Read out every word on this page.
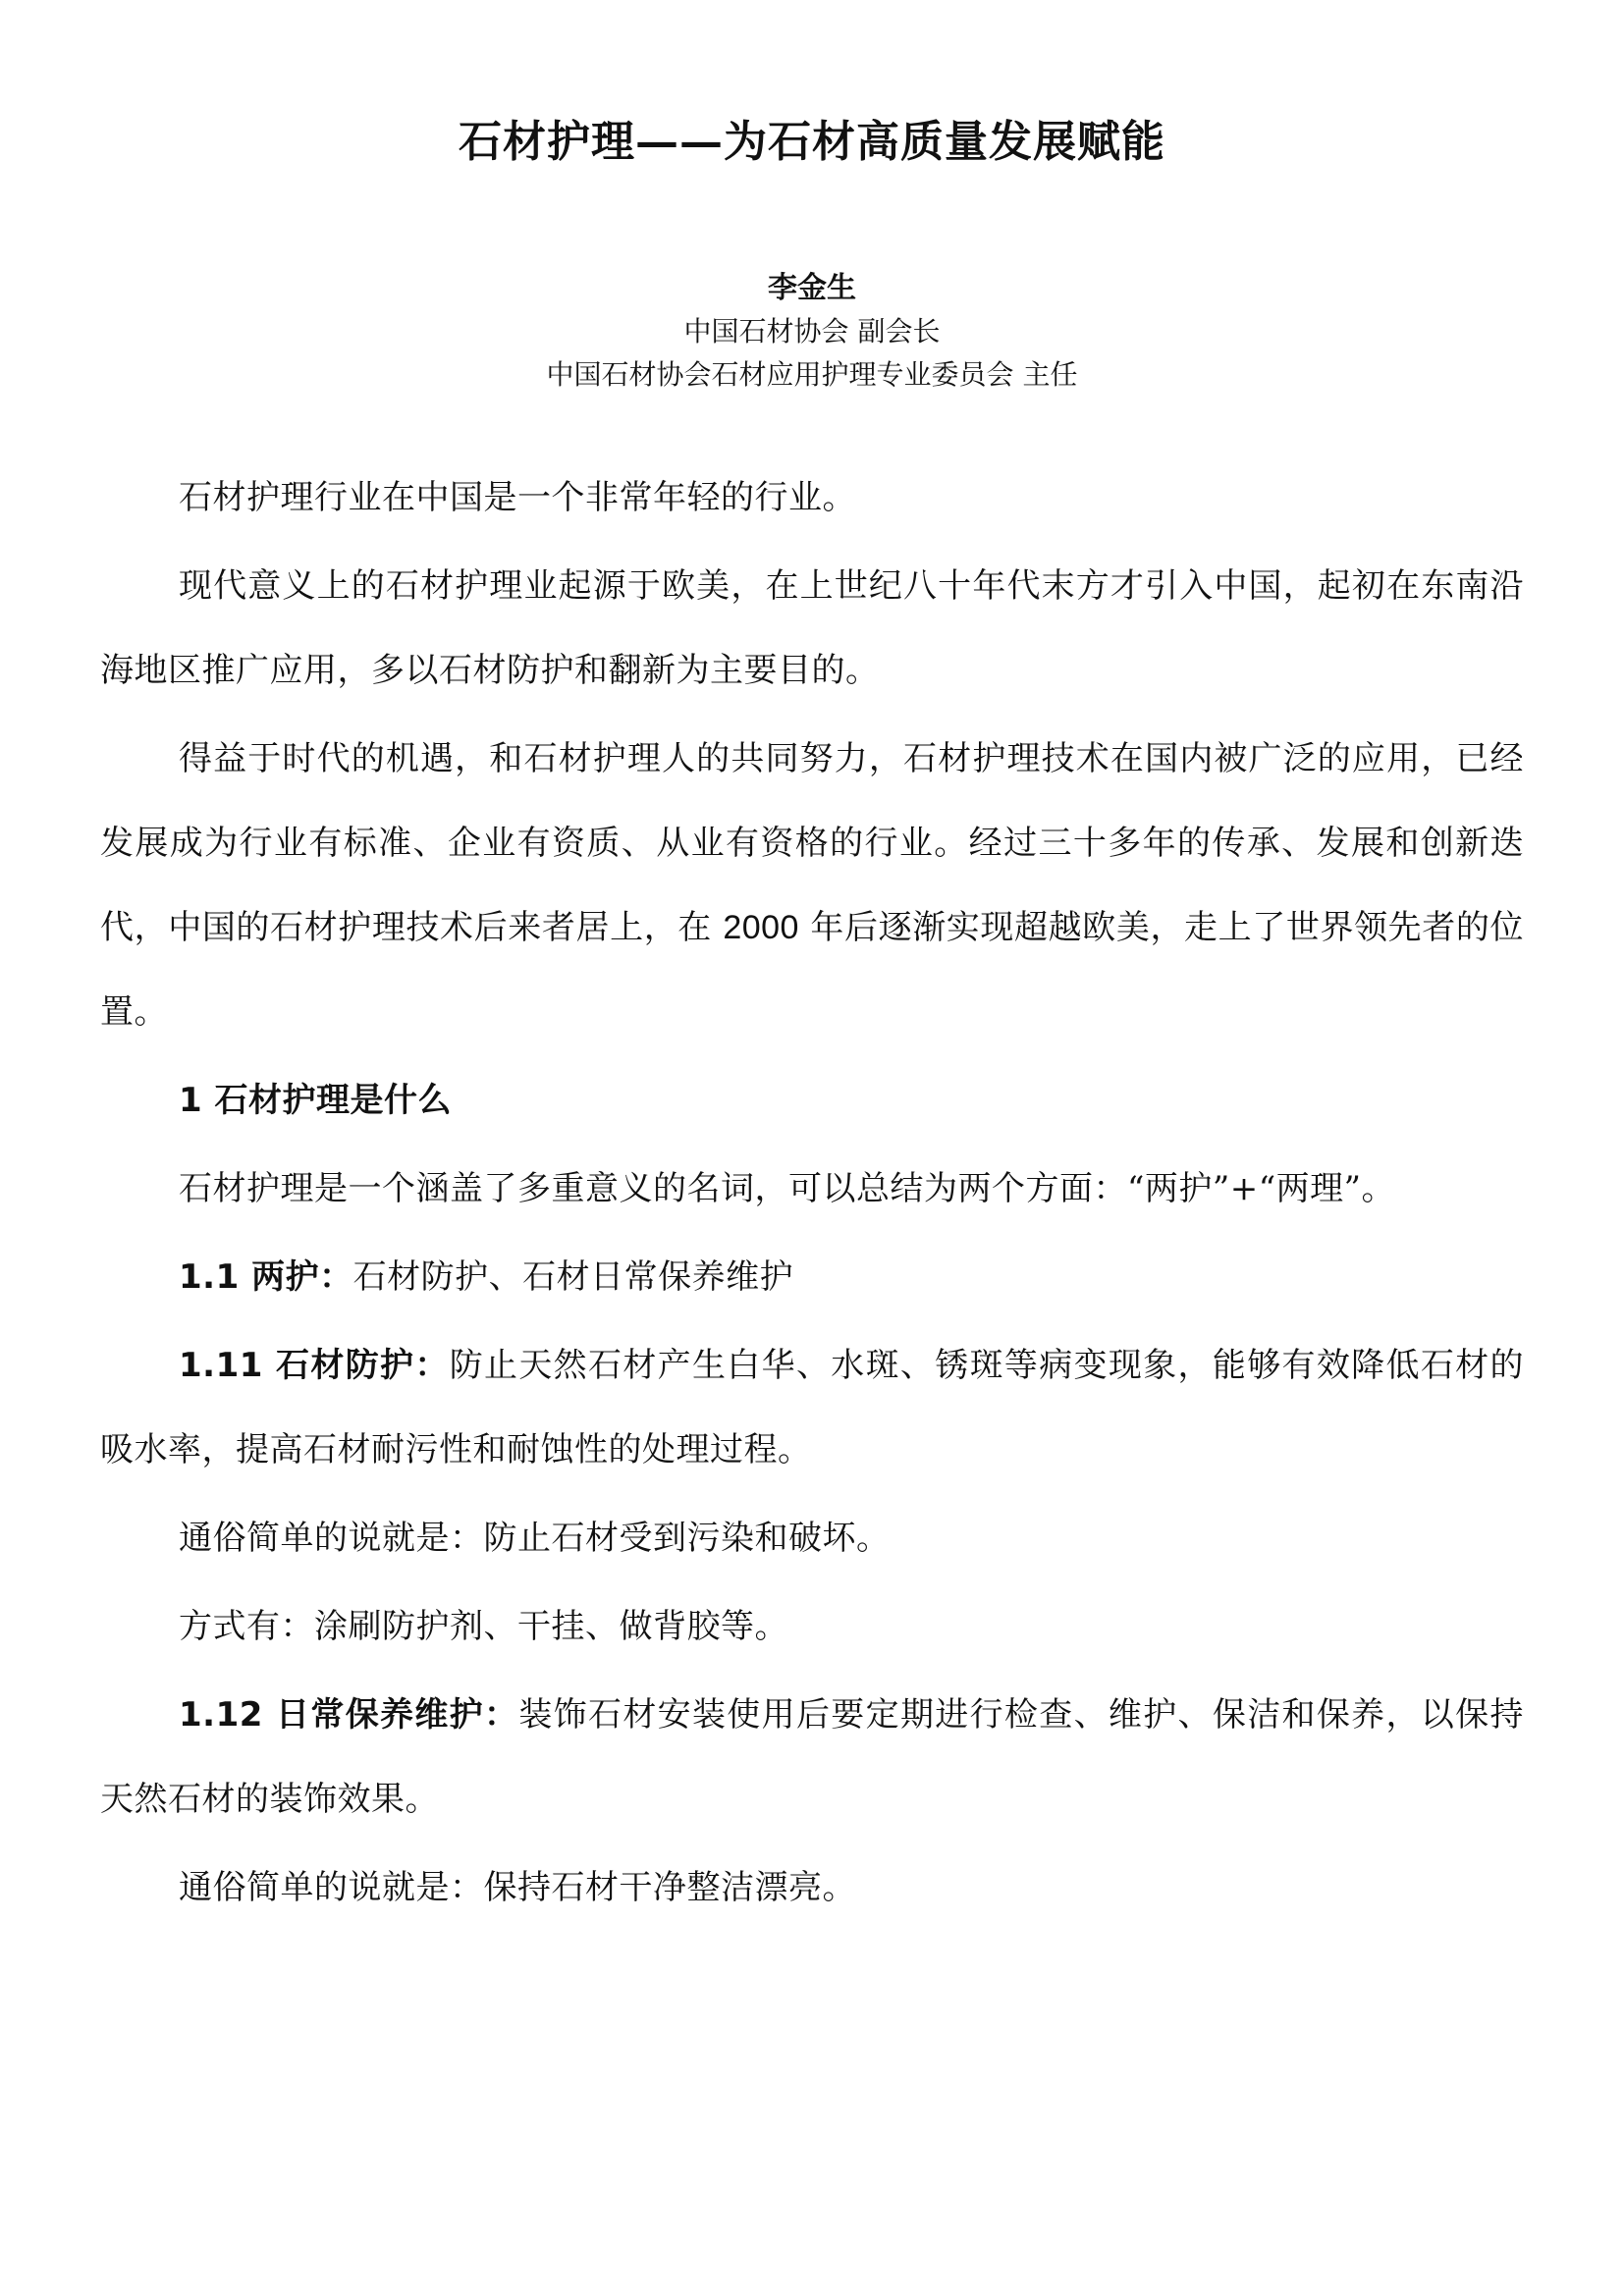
石材护理——为石材高质量发展赋能
李金生
中国石材协会 副会长
中国石材协会石材应用护理专业委员会 主任

石材护理行业在中国是一个非常年轻的行业。

现代意义上的石材护理业起源于欧美，在上世纪八十年代末方才引入中国，起初在东南沿海地区推广应用，多以石材防护和翻新为主要目的。

得益于时代的机遇，和石材护理人的共同努力，石材护理技术在国内被广泛的应用，已经发展成为行业有标准、企业有资质、从业有资格的行业。经过三十多年的传承、发展和创新迭代，中国的石材护理技术后来者居上，在 2000 年后逐渐实现超越欧美，走上了世界领先者的位置。

1 石材护理是什么

石材护理是一个涵盖了多重意义的名词，可以总结为两个方面：“两护”+“两理”。

1.1 两护：石材防护、石材日常保养维护

1.11 石材防护：防止天然石材产生白华、水斑、锈斑等病变现象，能够有效降低石材的吸水率，提高石材耐污性和耐蚀性的处理过程。

通俗简单的说就是：防止石材受到污染和破坏。

方式有：涂刷防护剂、干挂、做背胶等。

1.12 日常保养维护：装饰石材安装使用后要定期进行检查、维护、保洁和保养，以保持天然石材的装饰效果。

通俗简单的说就是：保持石材干净整洁漂亮。
